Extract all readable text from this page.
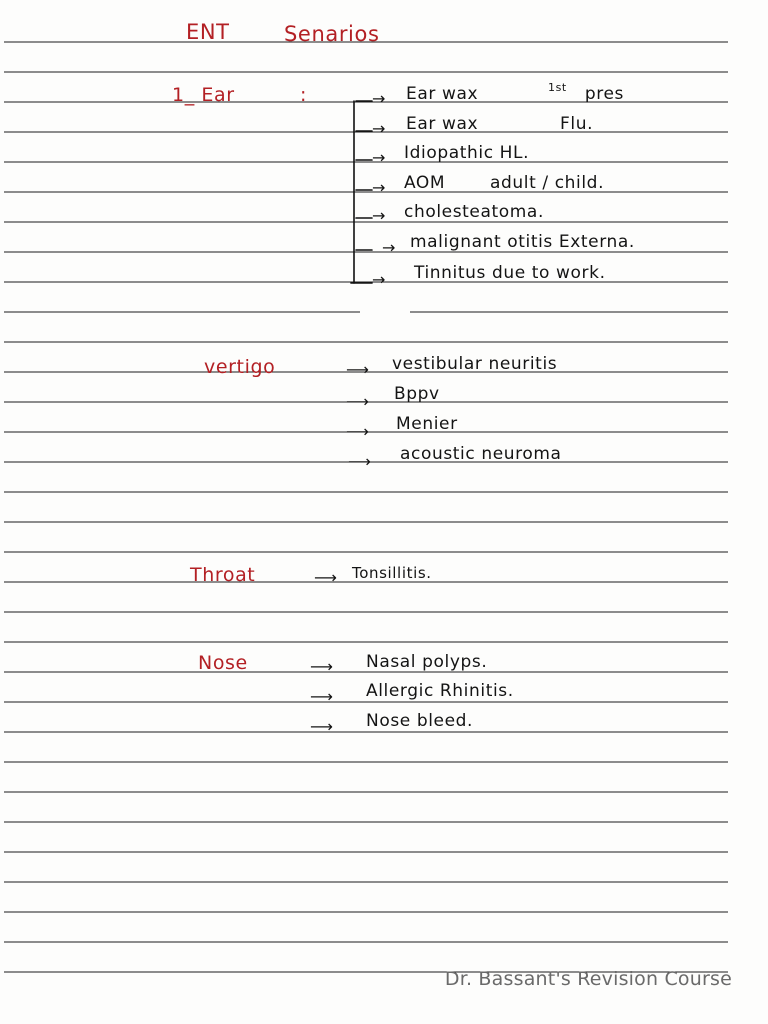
ENT	Senarios
1_ Ear	:	→ Ear wax	$^{1st}$ pres
→ Ear wax	Flu.
→ Idiopathic HL.
→ AOM	adult / child.
→ cholesteatoma.
→ malignant otitis Externa.
→ Tinnitus due to work.
vertigo	⟶ vestibular neuritis
⟶ Bppv
⟶ Menier
⟶ acoustic neuroma
Throat	⟶ Tonsillitis.
Nose	⟶ Nasal polyps.
⟶ Allergic Rhinitis.
⟶ Nose bleed.
Dr. Bassant's Revision Course
